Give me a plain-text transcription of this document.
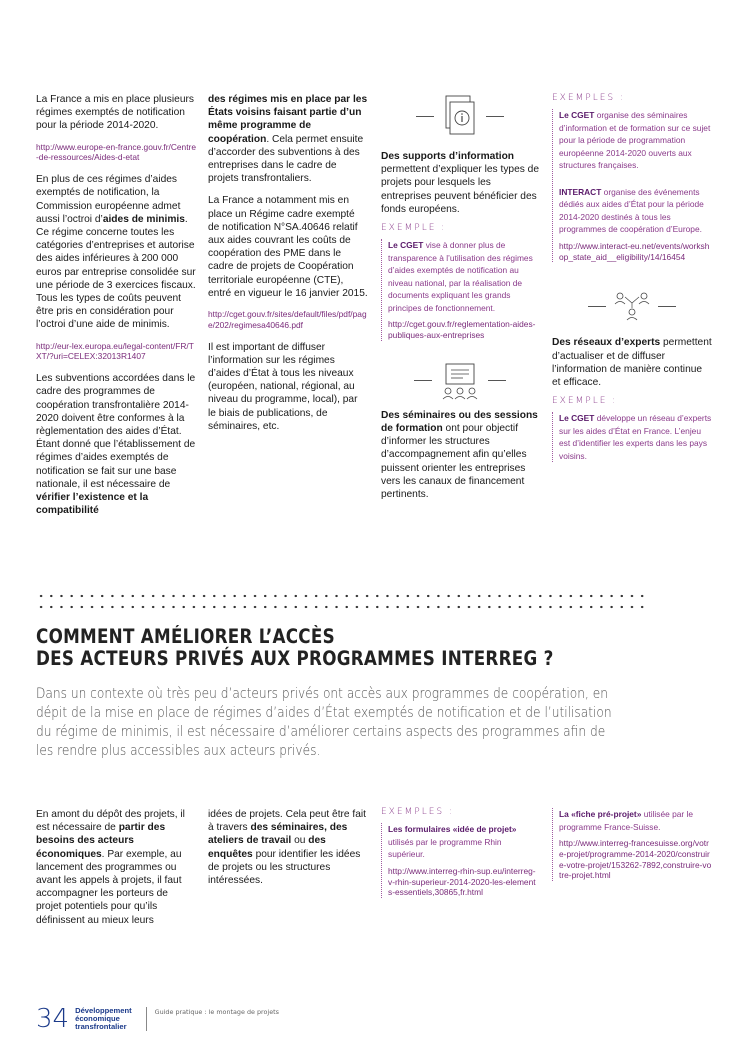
La France a mis en place plusieurs régimes exemptés de notification pour la période 2014-2020.

http://www.europe-en-france.gouv.fr/Centre-de-ressources/Aides-d-etat

En plus de ces régimes d’aides exemptés de notification, la Commission européenne admet aussi l’octroi d’aides de minimis. Ce régime concerne toutes les catégories d’entreprises et autorise des aides inférieures à 200 000 euros par entreprise consolidée sur une période de 3 exercices fiscaux. Tous les types de coûts peuvent être pris en considération pour l’octroi d’une aide de minimis.

http://eur-lex.europa.eu/legal-content/FR/TXT/?uri=CELEX:32013R1407

Les subventions accordées dans le cadre des programmes de coopération transfrontalière 2014-2020 doivent être conformes à la règlementation des aides d’État. Étant donné que l’établissement de régimes d’aides exemptés de notification se fait sur une base nationale, il est nécessaire de vérifier l’existence et la compatibilité

des régimes mis en place par les États voisins faisant partie d’un même programme de coopération. Cela permet ensuite d’accorder des subventions à des entreprises dans le cadre de projets transfrontaliers.

La France a notamment mis en place un Régime cadre exempté de notification N°SA.40646 relatif aux aides couvrant les coûts de coopération des PME dans le cadre de projets de Coopération territoriale européenne (CTE), entré en vigueur le 16 janvier 2015.

http://cget.gouv.fr/sites/default/files/pdf/page/202/regimesa40646.pdf

Il est important de diffuser l’information sur les régimes d’aides d’État à tous les niveaux (européen, national, régional, au niveau du programme, local), par le biais de publications, de séminaires, etc.

Des supports d’information permettent d’expliquer les types de projets pour lesquels les entreprises peuvent bénéficier des fonds européens.

EXEMPLE :
Le CGET vise à donner plus de transparence à l’utilisation des régimes d’aides exemptés de notification au niveau national, par la réalisation de documents expliquant les grands principes de fonctionnement.
http://cget.gouv.fr/reglementation-aides-publiques-aux-entreprises

Des séminaires ou des sessions de formation ont pour objectif d’informer les structures d’accompagnement afin qu’elles puissent orienter les entreprises vers les canaux de financement pertinents.

EXEMPLES :
Le CGET organise des séminaires d’information et de formation sur ce sujet pour la période de programmation européenne 2014-2020 ouverts aux structures françaises.
INTERACT organise des événements dédiés aux aides d’État pour la période 2014-2020 destinés à tous les programmes de coopération d’Europe.
http://www.interact-eu.net/events/workshop_state_aid__eligibility/14/16454

Des réseaux d’experts permettent d’actualiser et de diffuser l’information de manière continue et efficace.

EXEMPLE :
Le CGET développe un réseau d’experts sur les aides d’État en France. L’enjeu est d’identifier les experts dans les pays voisins.
COMMENT AMÉLIORER L’ACCÈS
DES ACTEURS PRIVÉS AUX PROGRAMMES INTERREG ?
Dans un contexte où très peu d’acteurs privés ont accès aux programmes de coopération, en dépit de la mise en place de régimes d’aides d’État exemptés de notification et de l’utilisation du régime de minimis, il est nécessaire d’améliorer certains aspects des programmes afin de les rendre plus accessibles aux acteurs privés.

En amont du dépôt des projets, il est nécessaire de partir des besoins des acteurs économiques. Par exemple, au lancement des programmes ou avant les appels à projets, il faut accompagner les porteurs de projet potentiels pour qu’ils définissent au mieux leurs

idées de projets. Cela peut être fait à travers des séminaires, des ateliers de travail ou des enquêtes pour identifier les idées de projets ou les structures intéressées.

EXEMPLES :
Les formulaires «idée de projet» utilisés par le programme Rhin supérieur.
http://www.interreg-rhin-sup.eu/interreg-v-rhin-superieur-2014-2020-les-elements-essentiels,30865,fr.html
La «fiche pré-projet» utilisée par le programme France-Suisse.
http://www.interreg-francesuisse.org/votre-projet/programme-2014-2020/construire-votre-projet/153262-7892,construire-votre-projet.html
34 Développement
économique
transfrontalier
Guide pratique : le montage de projets
